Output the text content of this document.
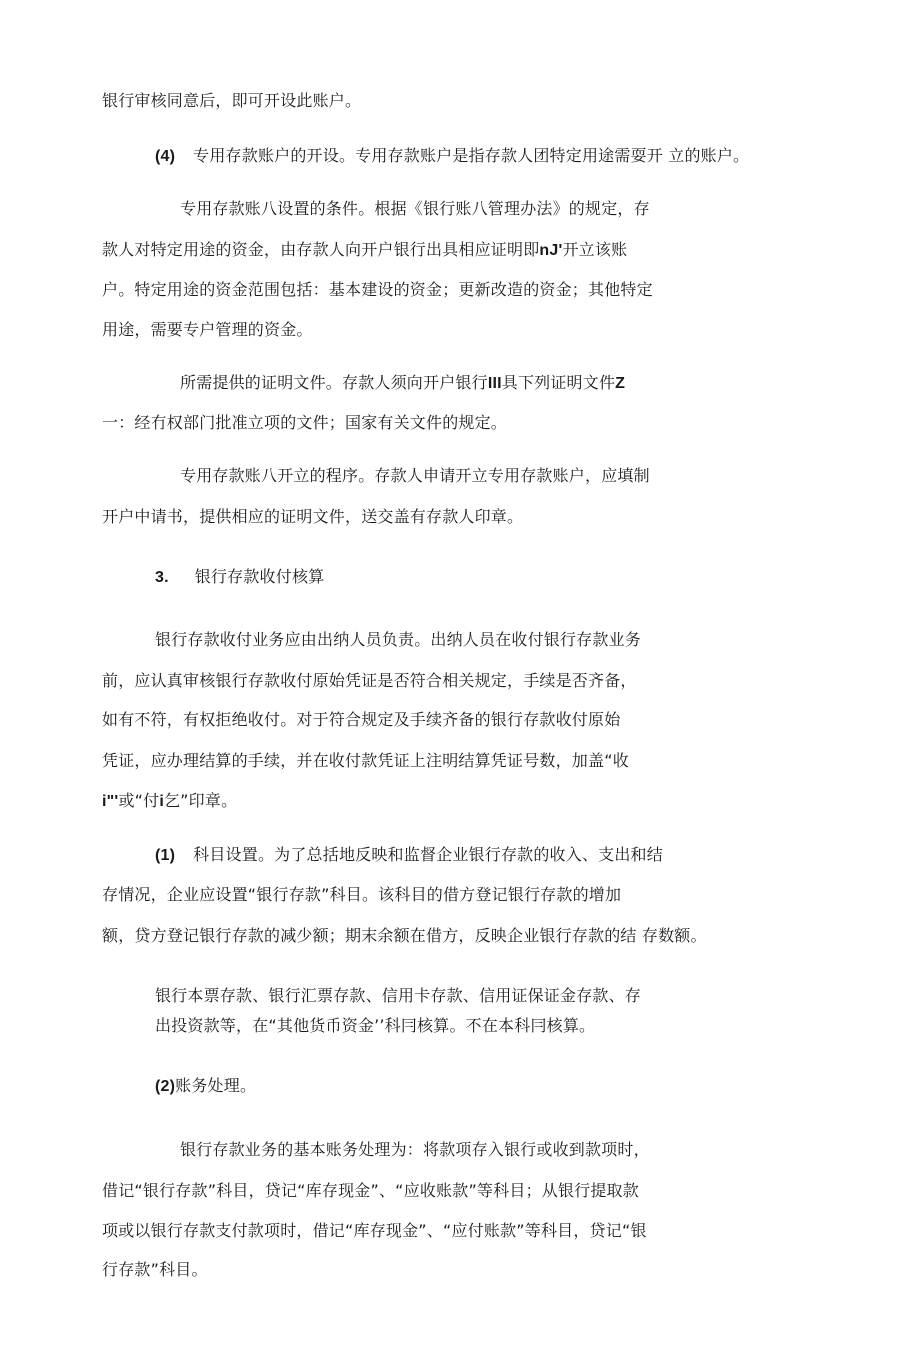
银行审核同意后，即可开设此账户。
(4) 专用存款账户的开设。专用存款账户是指存款人团特定用途需耍开 立的账户。
专用存款账八设置的条件。根据《银行账八管理办法》的规定，存
款人对特定用途的资金，由存款人向开户银行出具相应证明即nJ'开立该账
户。特定用途的资金范围包括：基本建设的资金；更新改造的资金；其他特定
用途，需要专户管理的资金。
所需提供的证明文件。存款人须向开户银行III具下列证明文件Z
一：经冇权部门批准立项的文件；国家有关文件的规定。
专用存款账八开立的程序。存款人申请开立专用存款账户，应填制
开户中请书，提供相应的证明文件，送交盖有存款人印章。
3. 银行存款收付核算
银行存款收付业务应由出纳人员负责。出纳人员在收付银行存款业务
前，应认真审核银行存款收付原始凭证是否符合相关规定，手续是否齐备，
如有不符，有权拒绝收付。对于符合规定及手续齐备的银行存款收付原始
凭证，应办理结算的手续，并在收付款凭证上注明结算凭证号数，加盖“收
i"'或“付i乞”印章。
(1) 科目设置。为了总括地反映和监督企业银行存款的收入、支出和结
存情况，企业应设置“银行存款”科目。该科目的借方登记银行存款的增加
额，贷方登记银行存款的减少额；期末余额在借方，反映企业银行存款的结 存数额。
银行本票存款、银行汇票存款、信用卡存款、信用证保证金存款、存
出投资款等，在“其他货币资金’’科冃核算。不在本科冃核算。
(2)账务处理。
银行存款业务的基本账务处理为：将款项存入银行或收到款项时，
借记“银行存款”科目，贷记“库存现金”、“应收账款”等科目；从银行提取款
项或以银行存款支付款项时，借记“库存现金”、“应付账款”等科目，贷记“银
行存款”科目。
